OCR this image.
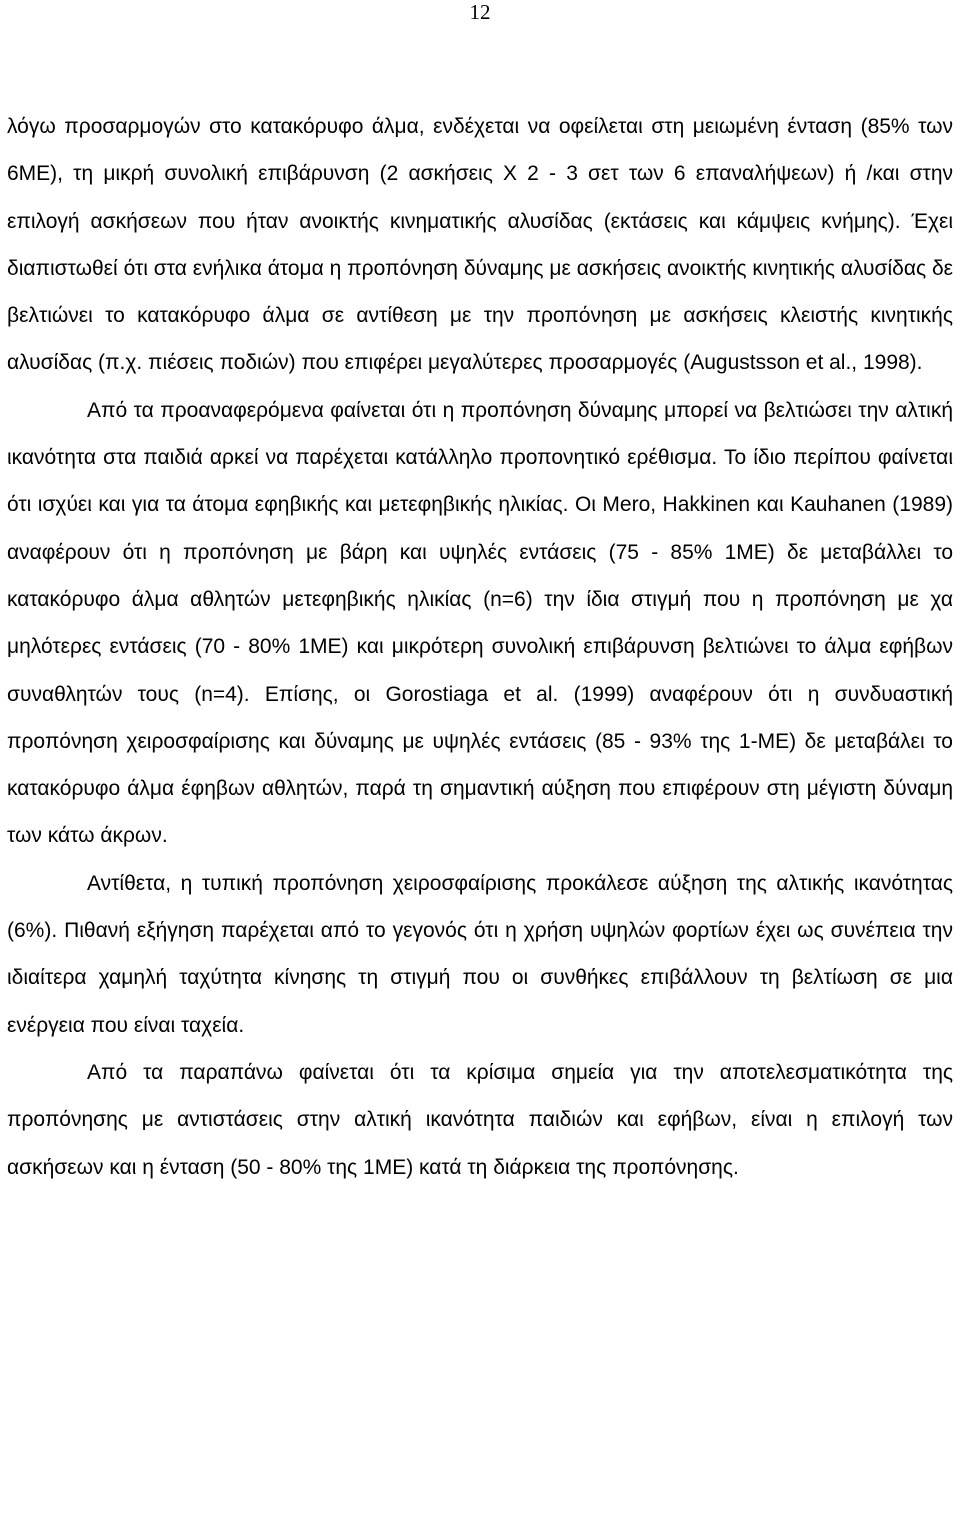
12

λόγω προσαρμογών στο κατακόρυφο άλμα, ενδέχεται να οφείλεται στη μειωμένη ένταση (85% των 6ΜΕ), τη μικρή συνολική επιβάρυνση (2 ασκήσεις X 2 - 3 σετ των 6 επαναλήψεων) ή /και στην επιλογή ασκήσεων που ήταν ανοικτής κινηματικής αλυσίδας (εκτάσεις και κάμψεις κνήμης). Έχει διαπιστωθεί ότι στα ενήλικα άτομα η προπόνηση δύναμης με ασκήσεις ανοικτής κινητικής αλυσίδας δε βελτιώνει το κατακόρυφο άλμα σε αντίθεση με την προπόνηση με ασκήσεις κλειστής κινητικής αλυσίδας (π.χ. πιέσεις ποδιών) που επιφέρει μεγαλύτερες προσαρμογές (Augustsson et al., 1998).

Από τα προαναφερόμενα φαίνεται ότι η προπόνηση δύναμης μπορεί να βελτιώσει την αλτική ικανότητα στα παιδιά αρκεί να παρέχεται κατάλληλο προπονητικό ερέθισμα. Το ίδιο περίπου φαίνεται ότι ισχύει και για τα άτομα εφηβικής και μετεφηβικής ηλικίας. Οι Mero, Hakkinen και Kauhanen (1989) αναφέρουν ότι η προπόνηση με βάρη και υψηλές εντάσεις (75 - 85% 1ΜΕ) δε μεταβάλλει το κατακόρυφο άλμα αθλητών μετεφηβικής ηλικίας (n=6) την ίδια στιγμή που η προπόνηση με χα μηλότερες εντάσεις (70 - 80% 1ΜΕ) και μικρότερη συνολική επιβάρυνση βελτιώνει το άλμα εφήβων συναθλητών τους (n=4). Επίσης, οι Gorostiaga et al. (1999) αναφέρουν ότι η συνδυαστική προπόνηση χειροσφαίρισης και δύναμης με υψηλές εντάσεις (85 - 93% της 1-ΜΕ) δε μεταβάλει το κατακόρυφο άλμα έφηβων αθλητών, παρά τη σημαντική αύξηση που επιφέρουν στη μέγιστη δύναμη των κάτω άκρων.

Αντίθετα, η τυπική προπόνηση χειροσφαίρισης προκάλεσε αύξηση της αλτικής ικανότητας (6%). Πιθανή εξήγηση παρέχεται από το γεγονός ότι η χρήση υψηλών φορτίων έχει ως συνέπεια την ιδιαίτερα χαμηλή ταχύτητα κίνησης τη στιγμή που οι συνθήκες επιβάλλουν τη βελτίωση σε μια ενέργεια που είναι ταχεία.

Από τα παραπάνω φαίνεται ότι τα κρίσιμα σημεία για την αποτελεσματικότητα της προπόνησης με αντιστάσεις στην αλτική ικανότητα παιδιών και εφήβων, είναι η επιλογή των ασκήσεων και η ένταση (50 - 80% της 1ΜΕ) κατά τη διάρκεια της προπόνησης.
